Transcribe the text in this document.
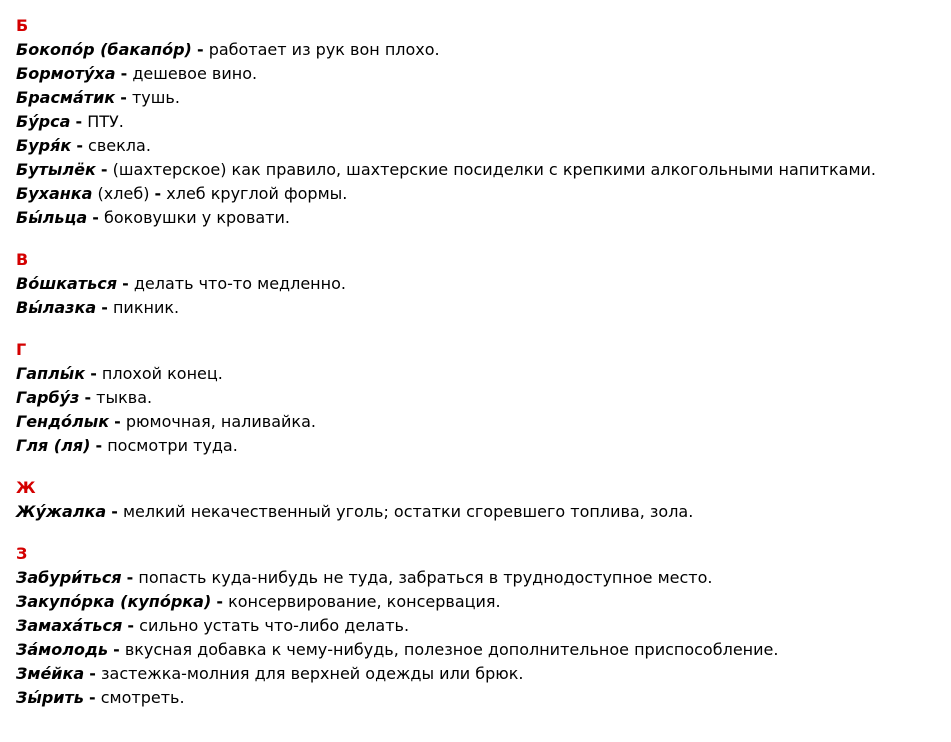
Б
Бокопо́р (бакапо́р) - работает из рук вон плохо.
Бормоту́ха - дешевое вино.
Брасма́тик - тушь.
Бу́рса - ПТУ.
Буря́к - свекла.
Бутылёк - (шахтерское) как правило, шахтерские посиделки с крепкими алкогольными напитками.
Буханка (хлеб) - хлеб круглой формы.
Бы́льца - боковушки у кровати.
В
Во́шкаться - делать что-то медленно.
Вы́лазка - пикник.
Г
Гаплы́к - плохой конец.
Гарбу́з - тыква.
Гендо́лык - рюмочная, наливайка.
Гля (ля) - посмотри туда.
Ж
Жу́жалка - мелкий некачественный уголь; остатки сгоревшего топлива, зола.
З
Забури́ться - попасть куда-нибудь не туда, забраться в труднодоступное место.
Закупо́рка (купо́рка) - консервирование, консервация.
Замаха́ться - сильно устать что-либо делать.
За́молодь - вкусная добавка к чему-нибудь, полезное дополнительное приспособление.
Зме́йка - застежка-молния для верхней одежды или брюк.
Зы́рить - смотреть.
